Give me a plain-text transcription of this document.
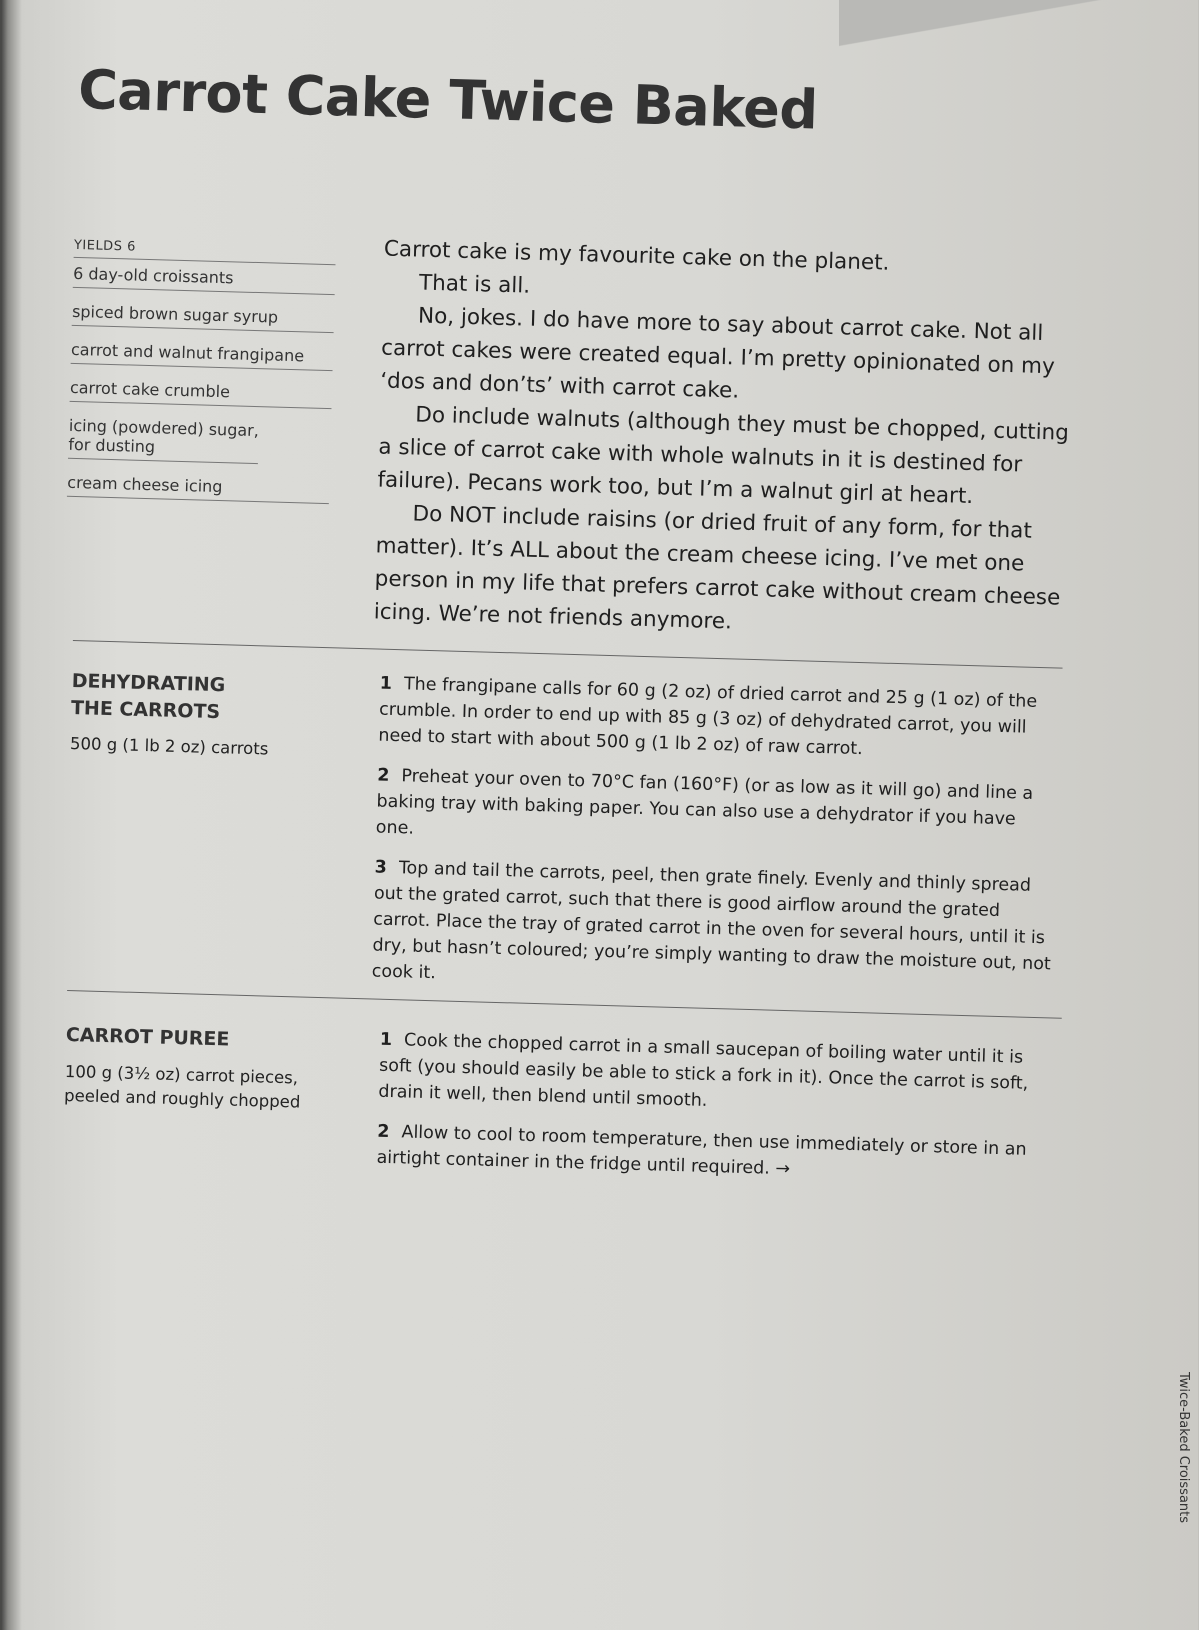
Carrot Cake Twice Baked
YIELDS 6
6 day-old croissants
spiced brown sugar syrup
carrot and walnut frangipane
carrot cake crumble
icing (powdered) sugar, for dusting
cream cheese icing

Carrot cake is my favourite cake on the planet.

That is all.

No, jokes. I do have more to say about carrot cake. Not all carrot cakes were created equal. I’m pretty opinionated on my ‘dos and don’ts’ with carrot cake.

Do include walnuts (although they must be chopped, cutting a slice of carrot cake with whole walnuts in it is destined for failure). Pecans work too, but I’m a walnut girl at heart.

Do NOT include raisins (or dried fruit of any form, for that matter). It’s ALL about the cream cheese icing. I’ve met one person in my life that prefers carrot cake without cream cheese icing. We’re not friends anymore.

DEHYDRATING THE CARROTS
500 g (1 lb 2 oz) carrots

1 The frangipane calls for 60 g (2 oz) of dried carrot and 25 g (1 oz) of the crumble. In order to end up with 85 g (3 oz) of dehydrated carrot, you will need to start with about 500 g (1 lb 2 oz) of raw carrot.

2 Preheat your oven to 70°C fan (160°F) (or as low as it will go) and line a baking tray with baking paper. You can also use a dehydrator if you have one.

3 Top and tail the carrots, peel, then grate finely. Evenly and thinly spread out the grated carrot, such that there is good airflow around the grated carrot. Place the tray of grated carrot in the oven for several hours, until it is dry, but hasn’t coloured; you’re simply wanting to draw the moisture out, not cook it.

CARROT PUREE
100 g (3½ oz) carrot pieces, peeled and roughly chopped

1 Cook the chopped carrot in a small saucepan of boiling water until it is soft (you should easily be able to stick a fork in it). Once the carrot is soft, drain it well, then blend until smooth.

2 Allow to cool to room temperature, then use immediately or store in an airtight container in the fridge until required. →

Twice-Baked Croissants
